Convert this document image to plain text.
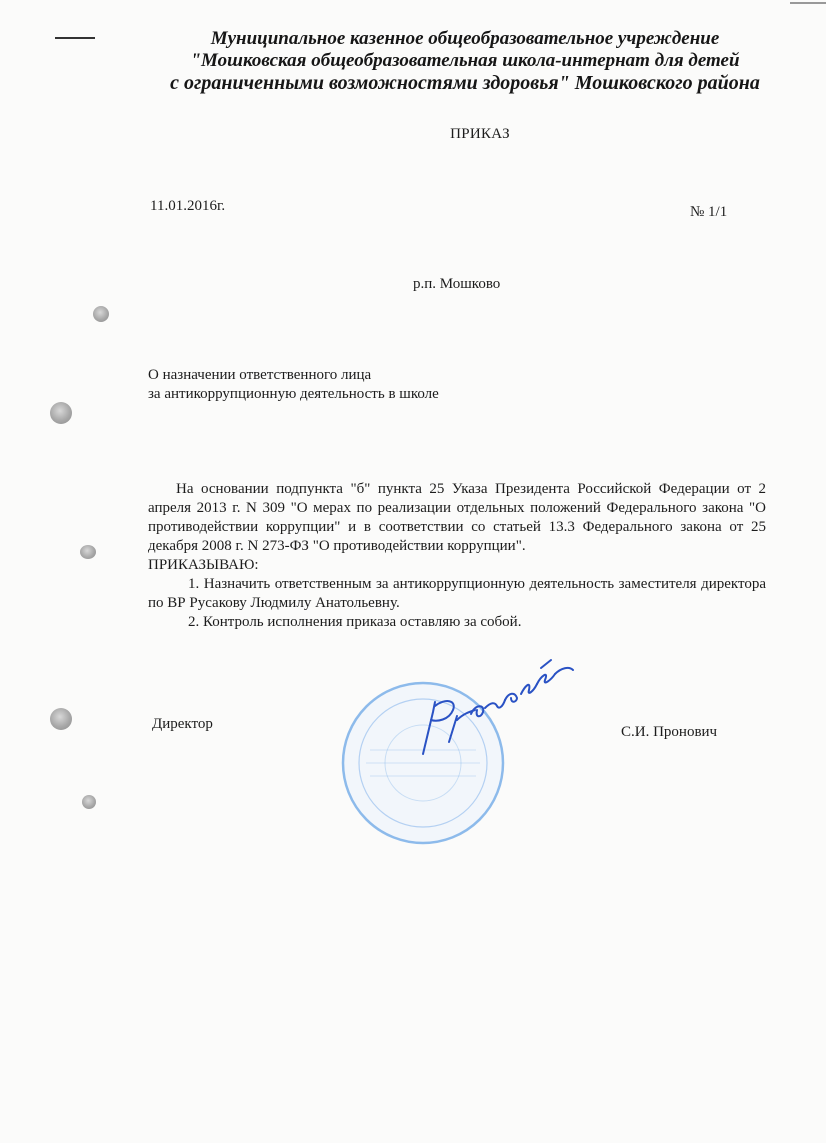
Муниципальное казенное общеобразовательное учреждение
"Мошковская общеобразовательная школа-интернат для детей
с ограниченными возможностями здоровья" Мошковского района
ПРИКАЗ
11.01.2016г.	№ 1/1
р.п. Мошково
О назначении ответственного лица
за антикоррупционную деятельность в школе

На основании подпункта "б" пункта 25 Указа Президента Российской Федерации от 2 апреля 2013 г. N 309 "О мерах по реализации отдельных положений Федерального закона "О противодействии коррупции" и в соответствии со статьей 13.3 Федерального закона от 25 декабря 2008 г. N 273-ФЗ "О противодействии коррупции".

ПРИКАЗЫВАЮ:

1. Назначить ответственным за антикоррупционную деятельность заместителя директора по ВР Русакову Людмилу Анатольевну.

2. Контроль исполнения приказа оставляю за собой.

Директор	С.И. Пронович
